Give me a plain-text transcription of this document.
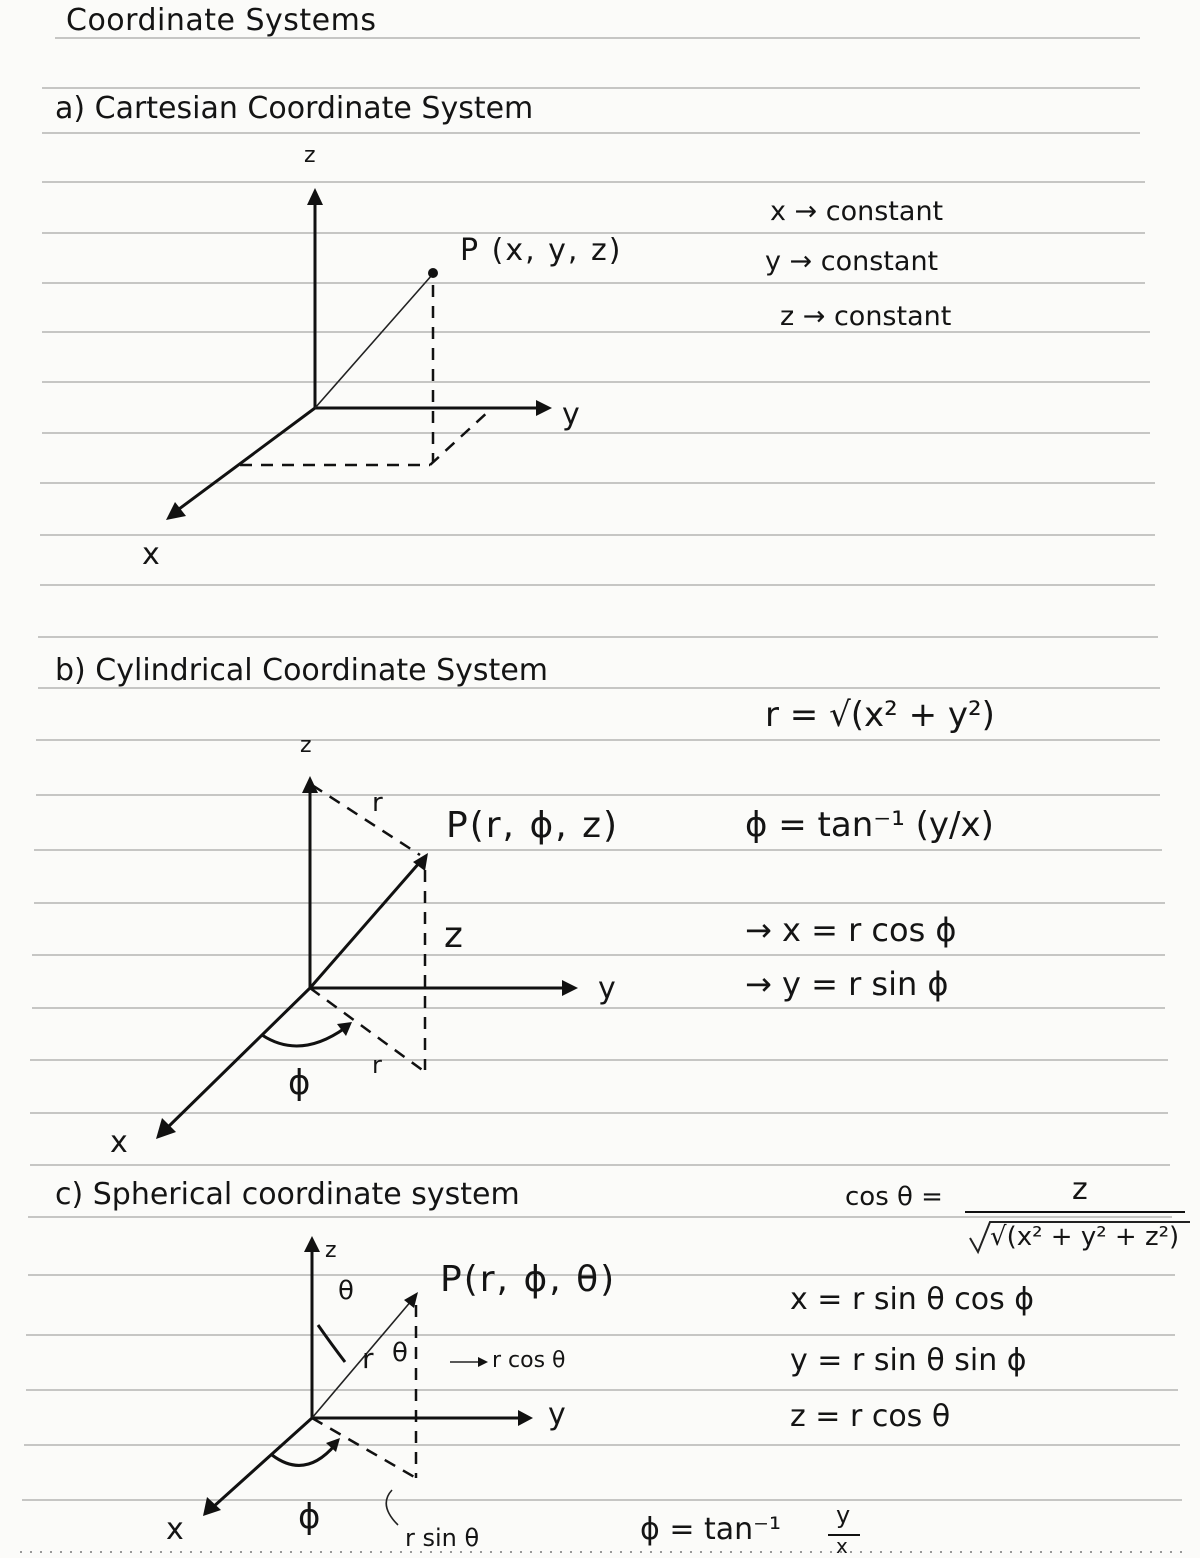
Coordinate Systems
a) Cartesian Coordinate System
z
y
x
P (x, y, z)
x → constant
y → constant
z → constant
b) Cylindrical Coordinate System
z
y
x
P(r, ϕ, z)
r
z
ϕ	r
r = √(x² + y²)
ϕ = tan⁻¹ (y/x)
→ x = r cos ϕ
→ y = r sin ϕ
c) Spherical coordinate system
z
y
x
P(r, ϕ, θ)
θ
r θ	r cos θ
r sin θ
ϕ
cos θ =	z
√(x² + y² + z²)
x = r sin θ cos ϕ
y = r sin θ sin ϕ
z = r cos θ
ϕ = tan⁻¹ y
x
